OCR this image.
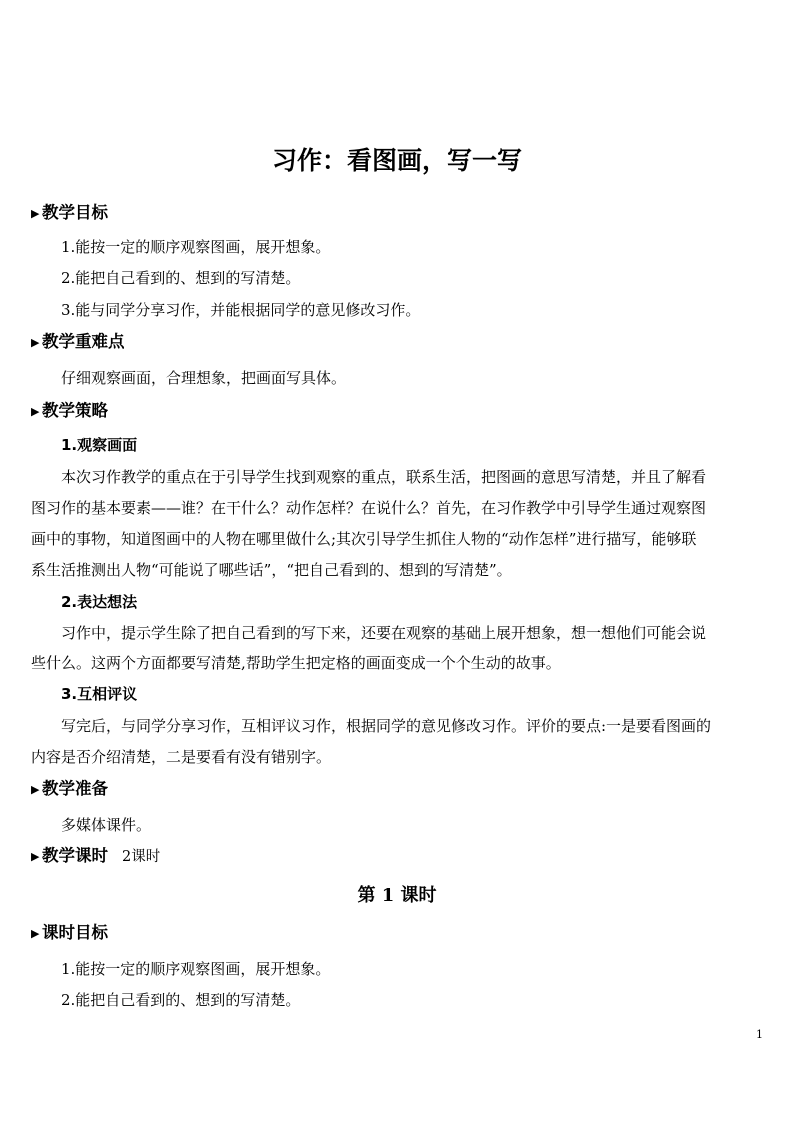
习作：看图画，写一写
▶ 教学目标
1.能按一定的顺序观察图画，展开想象。
2.能把自己看到的、想到的写清楚。
3.能与同学分享习作，并能根据同学的意见修改习作。
▶ 教学重难点
仔细观察画面，合理想象，把画面写具体。
▶ 教学策略
1.观察画面
本次习作教学的重点在于引导学生找到观察的重点，联系生活，把图画的意思写清楚，并且了解看
图习作的基本要素——谁？在干什么？动作怎样？在说什么？首先，在习作教学中引导学生通过观察图
画中的事物，知道图画中的人物在哪里做什么;其次引导学生抓住人物的“动作怎样”进行描写，能够联
系生活推测出人物“可能说了哪些话”，“把自己看到的、想到的写清楚”。
2.表达想法
习作中，提示学生除了把自己看到的写下来，还要在观察的基础上展开想象，想一想他们可能会说
些什么。这两个方面都要写清楚,帮助学生把定格的画面变成一个个生动的故事。
3.互相评议
写完后，与同学分享习作，互相评议习作，根据同学的意见修改习作。评价的要点:一是要看图画的
内容是否介绍清楚，二是要看有没有错别字。
▶ 教学准备
多媒体课件。
▶ 教学课时 2课时
第 1 课时
▶ 课时目标
1.能按一定的顺序观察图画，展开想象。
2.能把自己看到的、想到的写清楚。
1
